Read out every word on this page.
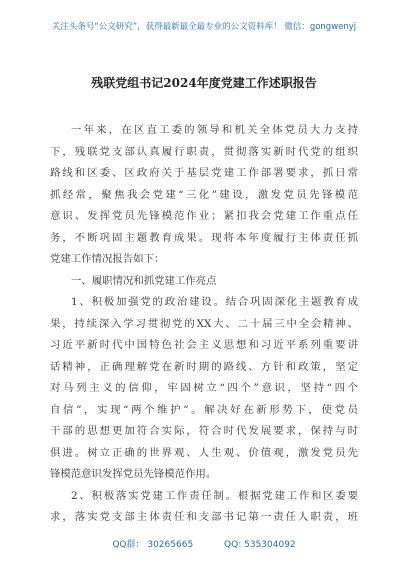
关注头条号“公文研究”，获得最新最全最专业的公文资料库！ 微信：gongwenyj
残联党组书记2024年度党建工作述职报告
一年来，在区直工委的领导和机关全体党员大力支持
下，残联党支部认真履行职责，贯彻落实新时代党的组织
路线和区委、区政府关于基层党建工作部署要求，抓日常
抓经常，聚焦我会党建“三化”建设，激发党员先锋模范
意识、发挥党员先锋模范作业；紧扣我会党建工作重点任
务，不断巩固主题教育成果。现将本年度履行主体责任抓
党建工作情况报告如下：
一、履职情况和抓党建工作亮点
1、积极加强党的政治建设。结合巩固深化主题教育成
果，持续深入学习贯彻党的XX大、二十届三中全会精神、
习近平新时代中国特色社会主义思想和习近平系列重要讲
话精神，正确理解党在新时期的路线、方针和政策，坚定
对马列主义的信仰，牢固树立“四个”意识，坚持“四个
自信”，实现“两个维护”。解决好在新形势下，使党员
干部的思想更加符合实际，符合时代发展要求，保持与时
俱进。树立正确的世界观、人生观、价值观，激发党员先
锋模范意识发挥党员先锋模范作用。
2、积极落实党建工作责任制。根据党建工作和区委要
求，落实党支部主体责任和支部书记第一责任人职责，班
QQ群： 30265665	QQ: 535304092
